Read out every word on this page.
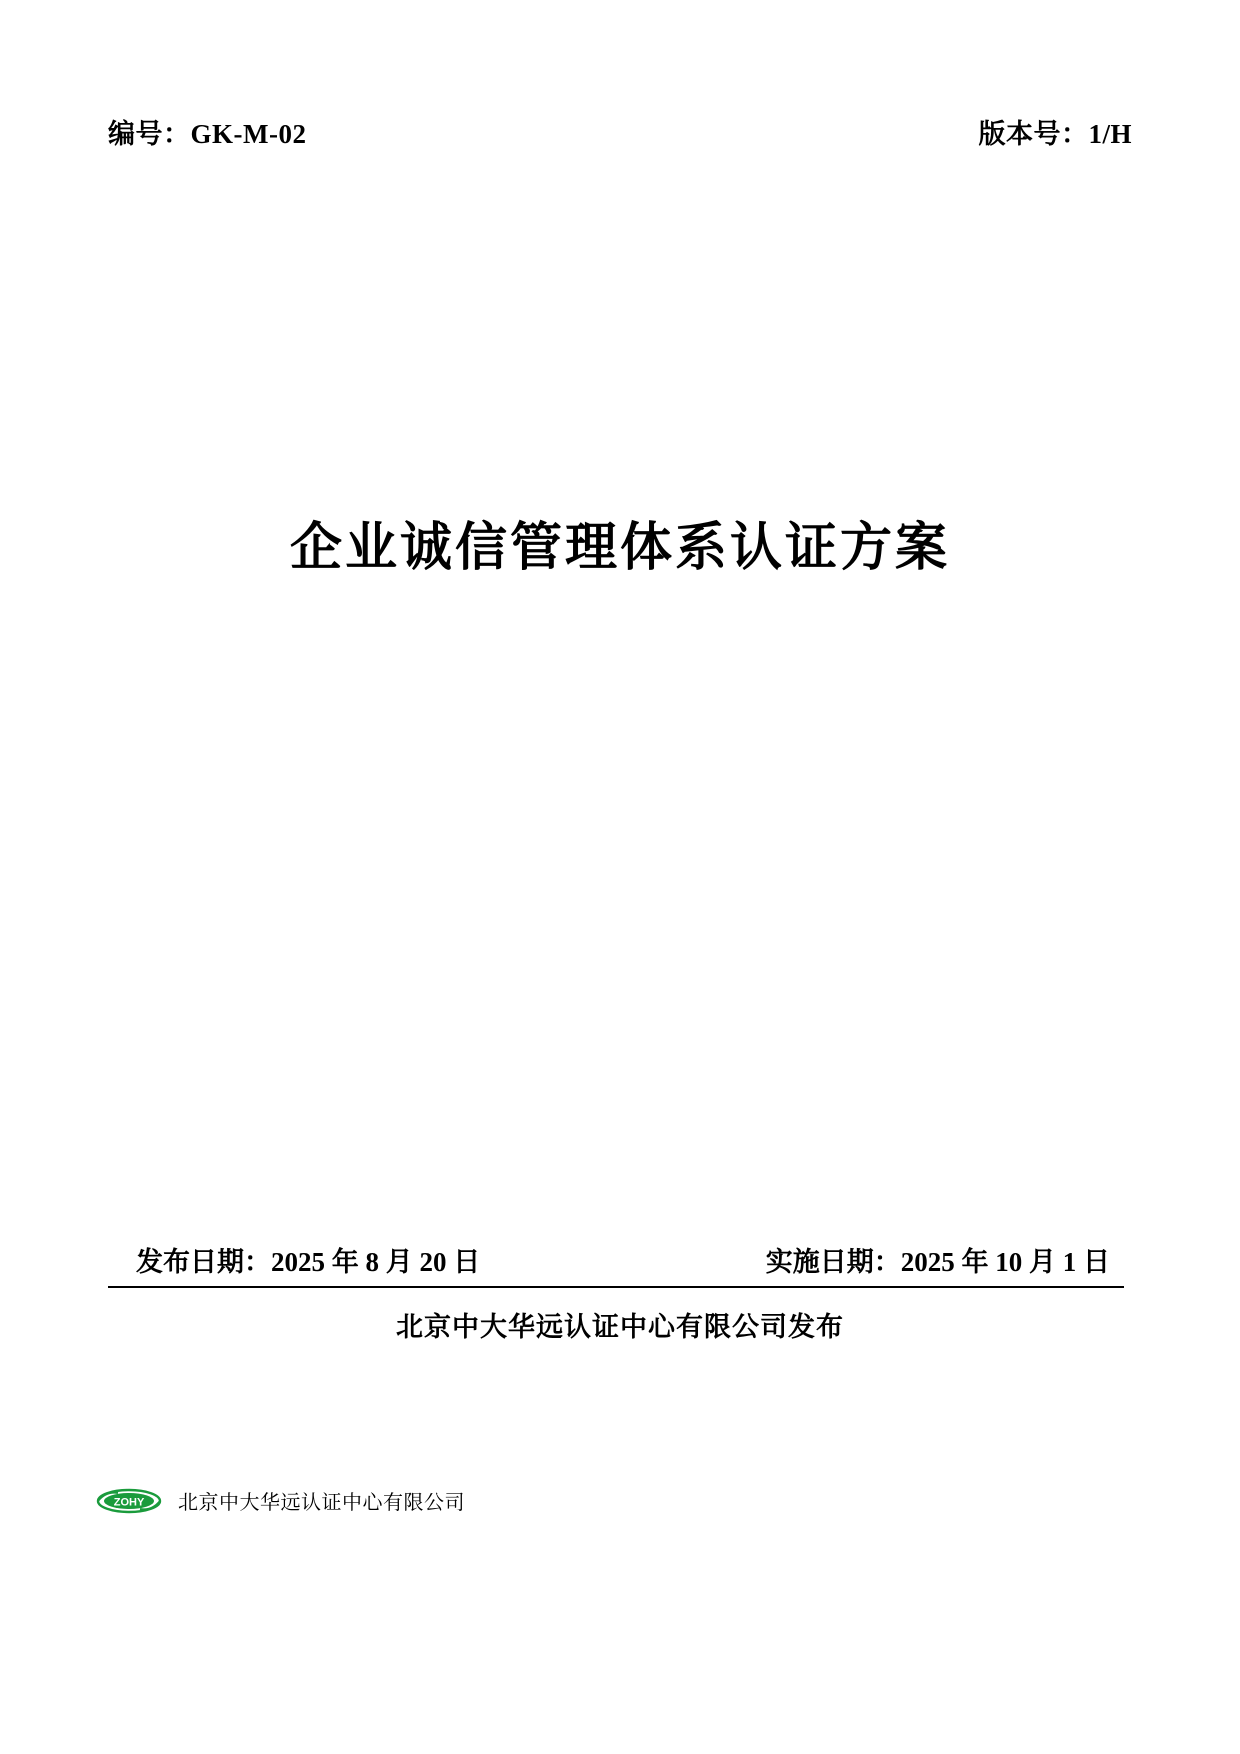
编号：GK-M-02	版本号：1/H
企业诚信管理体系认证方案
发布日期：2025 年 8 月 20 日	实施日期：2025 年 10 月 1 日
北京中大华远认证中心有限公司发布
ZOHY 北京中大华远认证中心有限公司
